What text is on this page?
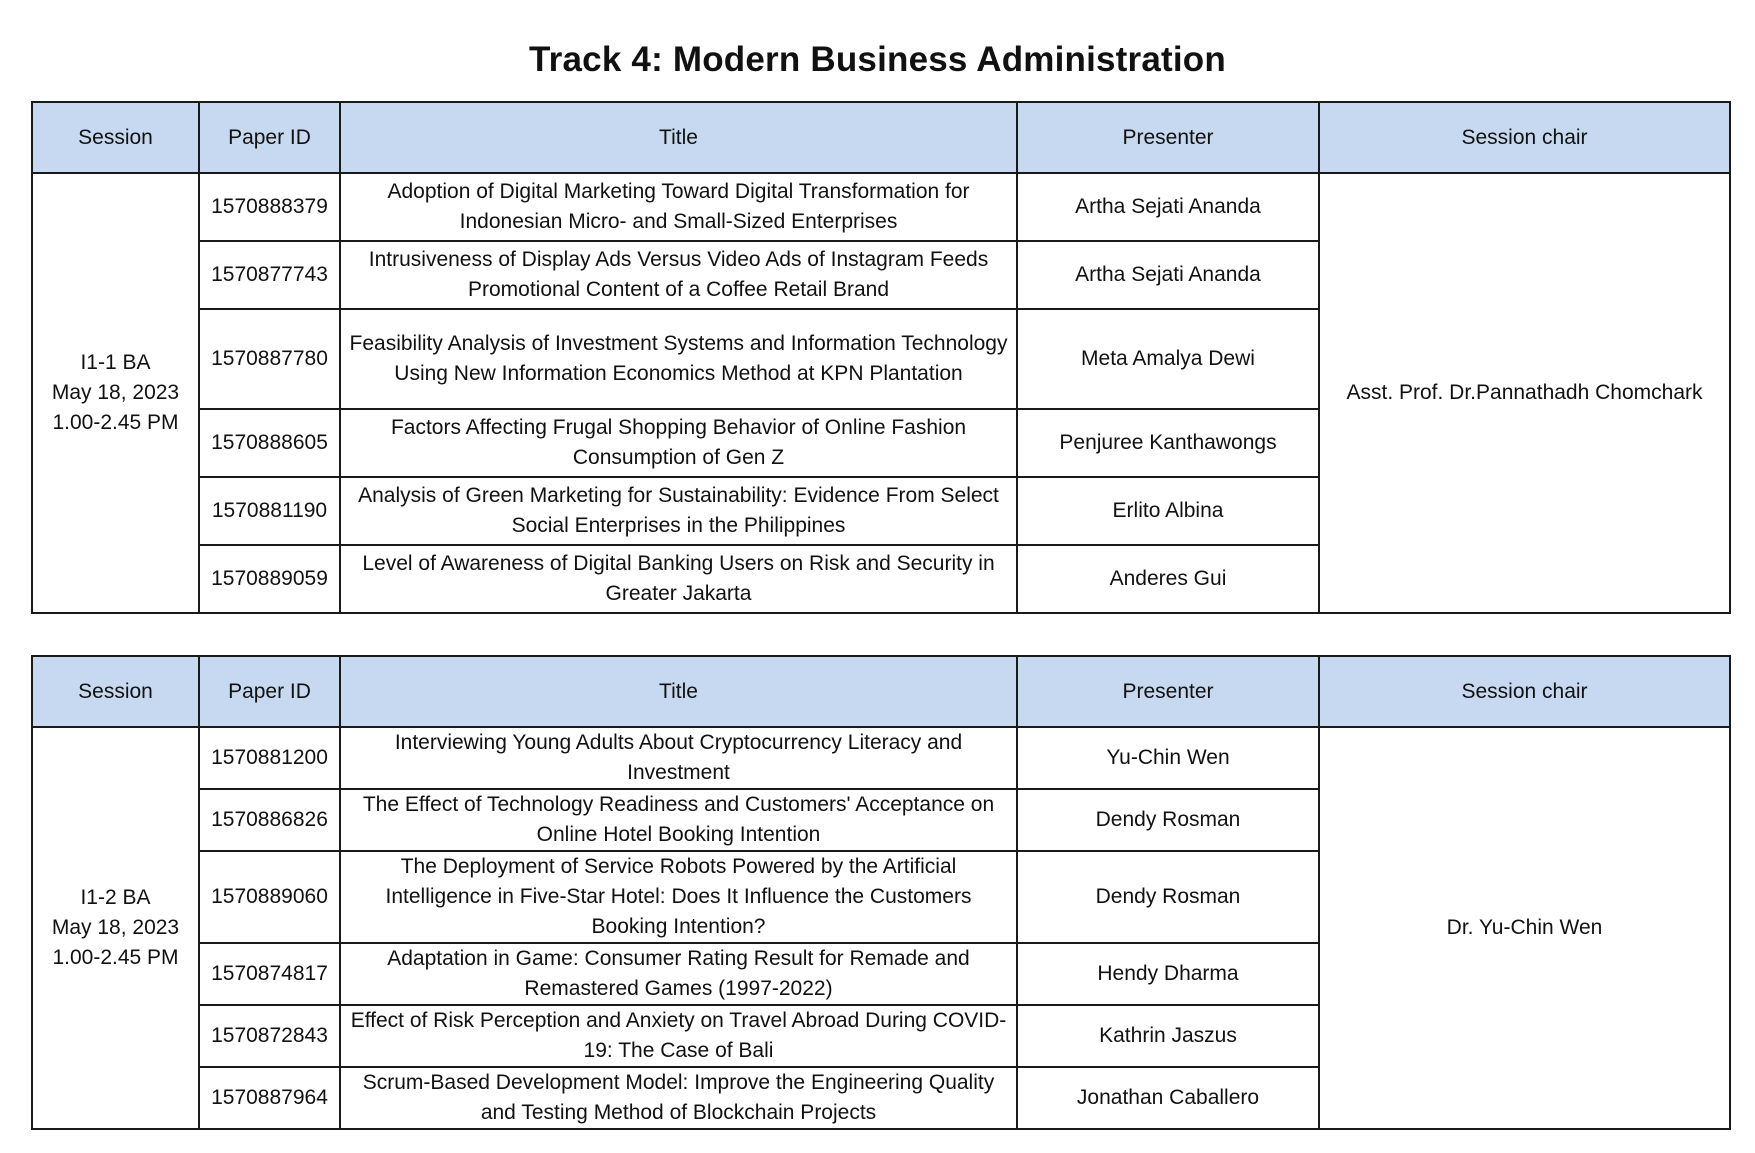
Track 4: Modern Business Administration
Session	Paper ID	Title	Presenter	Session chair
I1-1 BA
May 18, 2023
1.00-2.45 PM	1570888379	Adoption of Digital Marketing Toward Digital Transformation for Indonesian Micro- and Small-Sized Enterprises	Artha Sejati Ananda	Asst. Prof. Dr.Pannathadh Chomchark
	1570877743	Intrusiveness of Display Ads Versus Video Ads of Instagram Feeds Promotional Content of a Coffee Retail Brand	Artha Sejati Ananda	
	1570887780	Feasibility Analysis of Investment Systems and Information Technology Using New Information Economics Method at KPN Plantation	Meta Amalya Dewi	
	1570888605	Factors Affecting Frugal Shopping Behavior of Online Fashion Consumption of Gen Z	Penjuree Kanthawongs	
	1570881190	Analysis of Green Marketing for Sustainability: Evidence From Select Social Enterprises in the Philippines	Erlito Albina	
	1570889059	Level of Awareness of Digital Banking Users on Risk and Security in Greater Jakarta	Anderes Gui	
Session	Paper ID	Title	Presenter	Session chair
I1-2 BA
May 18, 2023
1.00-2.45 PM	1570881200	Interviewing Young Adults About Cryptocurrency Literacy and Investment	Yu-Chin Wen	Dr. Yu-Chin Wen
	1570886826	The Effect of Technology Readiness and Customers' Acceptance on Online Hotel Booking Intention	Dendy Rosman	
	1570889060	The Deployment of Service Robots Powered by the Artificial Intelligence in Five-Star Hotel: Does It Influence the Customers Booking Intention?	Dendy Rosman	
	1570874817	Adaptation in Game: Consumer Rating Result for Remade and Remastered Games (1997-2022)	Hendy Dharma	
	1570872843	Effect of Risk Perception and Anxiety on Travel Abroad During COVID-19: The Case of Bali	Kathrin Jaszus	
	1570887964	Scrum-Based Development Model: Improve the Engineering Quality and Testing Method of Blockchain Projects	Jonathan Caballero	
